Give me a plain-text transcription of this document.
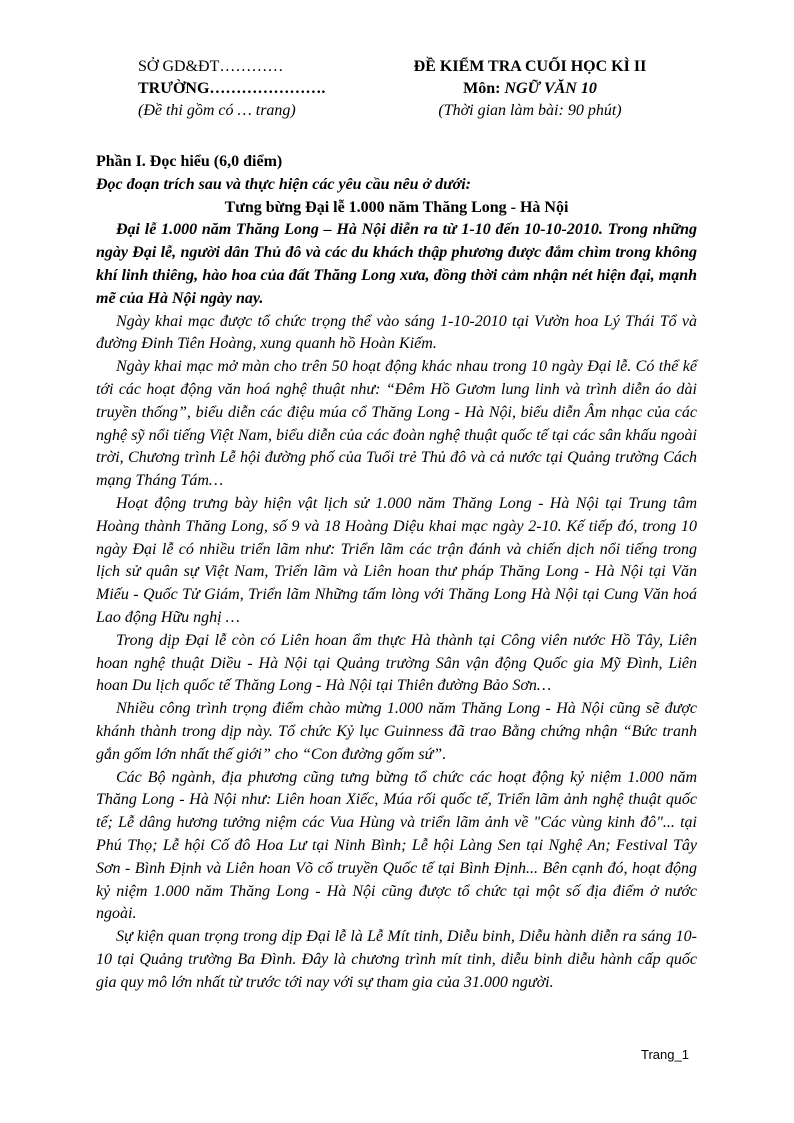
SỞ GD&ĐT…………
TRƯỜNG………………….
(Đề thi gồm có … trang)
ĐỀ KIỂM TRA CUỐI HỌC KÌ II
Môn: NGỮ VĂN 10
(Thời gian làm bài: 90 phút)

Phần I. Đọc hiểu (6,0 điểm)

Đọc đoạn trích sau và thực hiện các yêu cầu nêu ở dưới:

Tưng bừng Đại lễ 1.000 năm Thăng Long - Hà Nội

Đại lễ 1.000 năm Thăng Long – Hà Nội diễn ra từ 1-10 đến 10-10-2010. Trong những ngày Đại lễ, người dân Thủ đô và các du khách thập phương được đắm chìm trong không khí linh thiêng, hào hoa của đất Thăng Long xưa, đồng thời cảm nhận nét hiện đại, mạnh mẽ của Hà Nội ngày nay.

Ngày khai mạc được tổ chức trọng thể vào sáng 1-10-2010 tại Vườn hoa Lý Thái Tổ và đường Đinh Tiên Hoàng, xung quanh hồ Hoàn Kiếm.

Ngày khai mạc mở màn cho trên 50 hoạt động khác nhau trong 10 ngày Đại lễ. Có thể kể tới các hoạt động văn hoá nghệ thuật như: “Đêm Hồ Gươm lung linh và trình diễn áo dài truyền thống”, biểu diễn các điệu múa cổ Thăng Long - Hà Nội, biểu diễn Âm nhạc của các nghệ sỹ nổi tiếng Việt Nam, biểu diễn của các đoàn nghệ thuật quốc tế tại các sân khấu ngoài trời, Chương trình Lễ hội đường phố của Tuổi trẻ Thủ đô và cả nước tại Quảng trường Cách mạng Tháng Tám…

Hoạt động trưng bày hiện vật lịch sử 1.000 năm Thăng Long - Hà Nội tại Trung tâm Hoàng thành Thăng Long, số 9 và 18 Hoàng Diệu khai mạc ngày 2-10. Kế tiếp đó, trong 10 ngày Đại lễ có nhiều triển lãm như: Triển lãm các trận đánh và chiến dịch nổi tiếng trong lịch sử quân sự Việt Nam, Triển lãm và Liên hoan thư pháp Thăng Long - Hà Nội tại Văn Miếu - Quốc Tử Giám, Triển lãm Những tấm lòng với Thăng Long Hà Nội tại Cung Văn hoá Lao động Hữu nghị …

Trong dịp Đại lễ còn có Liên hoan ẩm thực Hà thành tại Công viên nước Hồ Tây, Liên hoan nghệ thuật Diều - Hà Nội tại Quảng trường Sân vận động Quốc gia Mỹ Đình, Liên hoan Du lịch quốc tế Thăng Long - Hà Nội tại Thiên đường Bảo Sơn…

Nhiều công trình trọng điểm chào mừng 1.000 năm Thăng Long - Hà Nội cũng sẽ được khánh thành trong dịp này. Tổ chức Kỷ lục Guinness đã trao Bằng chứng nhận “Bức tranh gắn gốm lớn nhất thế giới” cho “Con đường gốm sứ”.

Các Bộ ngành, địa phương cũng tưng bừng tổ chức các hoạt động kỷ niệm 1.000 năm Thăng Long - Hà Nội như: Liên hoan Xiếc, Múa rối quốc tế, Triển lãm ảnh nghệ thuật quốc tế; Lễ dâng hương tưởng niệm các Vua Hùng và triển lãm ảnh về "Các vùng kinh đô"... tại Phú Thọ; Lễ hội Cố đô Hoa Lư tại Ninh Bình; Lễ hội Làng Sen tại Nghệ An; Festival Tây Sơn - Bình Định và Liên hoan Võ cổ truyền Quốc tế tại Bình Định... Bên cạnh đó, hoạt động kỷ niệm 1.000 năm Thăng Long - Hà Nội cũng được tổ chức tại một số địa điểm ở nước ngoài.

Sự kiện quan trọng trong dịp Đại lễ là Lễ Mít tinh, Diễu binh, Diễu hành diễn ra sáng 10-10 tại Quảng trường Ba Đình. Đây là chương trình mít tinh, diễu binh diễu hành cấp quốc gia quy mô lớn nhất từ trước tới nay với sự tham gia của 31.000 người.

Trang_1
